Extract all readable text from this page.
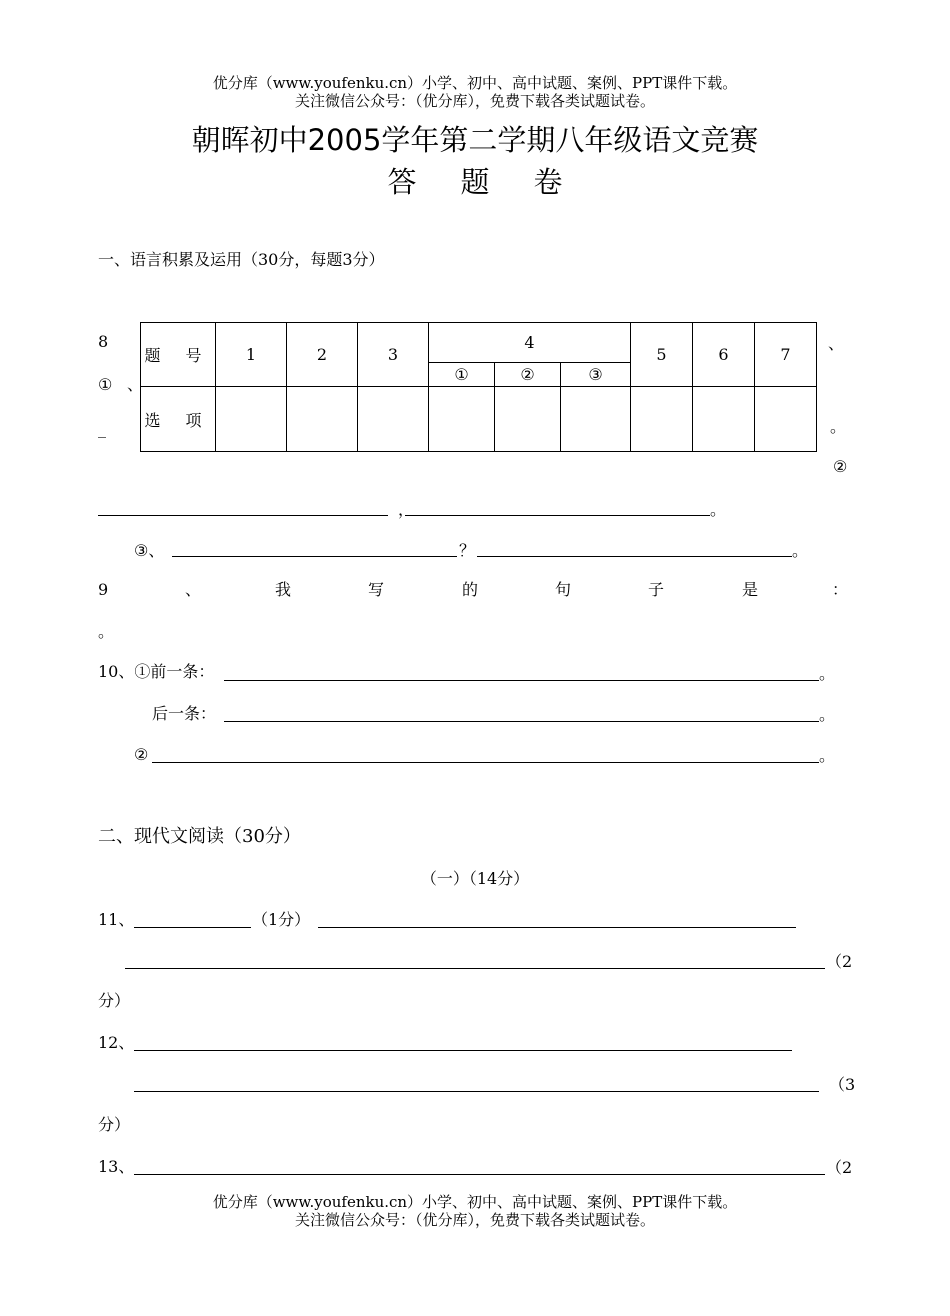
优分库（www.youfenku.cn）小学、初中、高中试题、案例、PPT课件下载。
关注微信公众号：（优分库），免费下载各类试题试卷。
朝晖初中2005学年第二学期八年级语文竞赛
答题卷
一、语言积累及运用（30分，每题3分）
题 号	1	2	3	4			5	6	7
				①	②	③			
选 项									
8
① 、
_
、
。
②
，	。
③、	？	。
9	、	我	写	的	句	子	是	：
。
10、①前一条：	。
后一条：	。
②	。
二、现代文阅读（30分）
（一）（14分）
11、	（1分）
（2
分）
12、
（3
分）
13、	（2
优分库（www.youfenku.cn）小学、初中、高中试题、案例、PPT课件下载。
关注微信公众号：（优分库），免费下载各类试题试卷。
